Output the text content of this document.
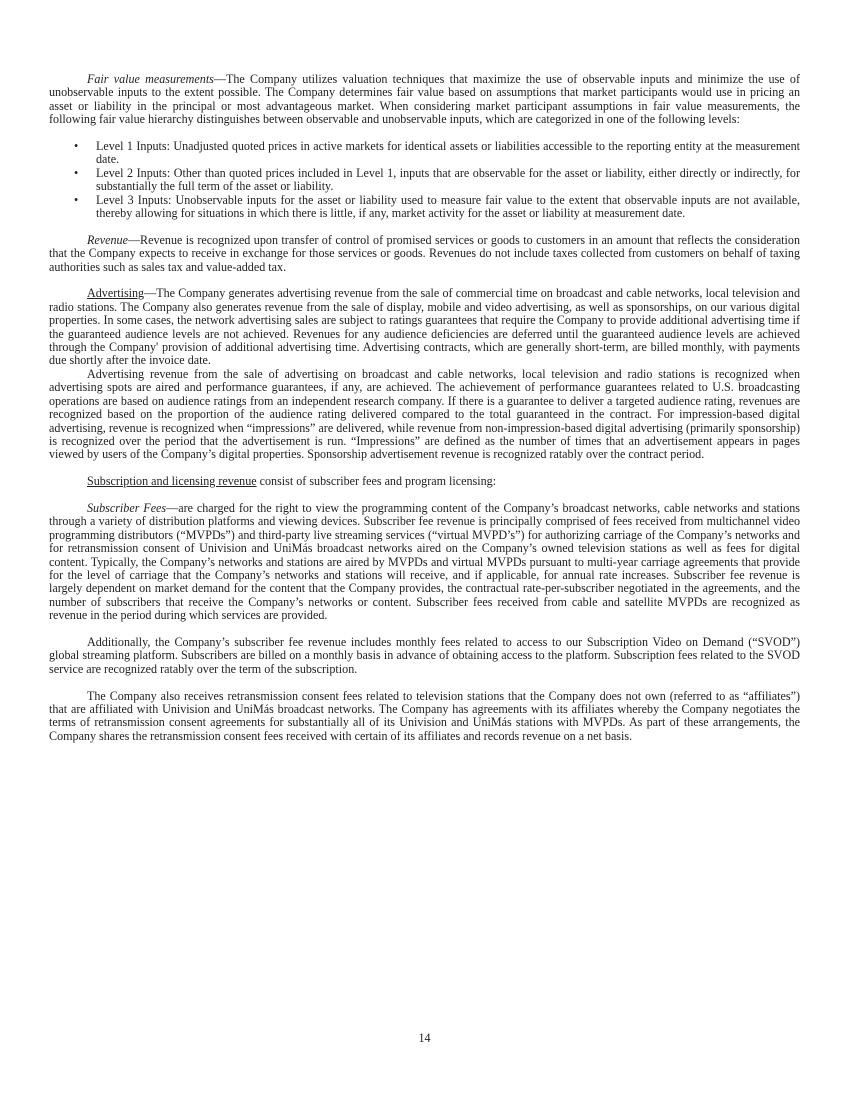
Fair value measurements—The Company utilizes valuation techniques that maximize the use of observable inputs and minimize the use of unobservable inputs to the extent possible. The Company determines fair value based on assumptions that market participants would use in pricing an asset or liability in the principal or most advantageous market. When considering market participant assumptions in fair value measurements, the following fair value hierarchy distinguishes between observable and unobservable inputs, which are categorized in one of the following levels:

• Level 1 Inputs: Unadjusted quoted prices in active markets for identical assets or liabilities accessible to the reporting entity at the measurement date.
• Level 2 Inputs: Other than quoted prices included in Level 1, inputs that are observable for the asset or liability, either directly or indirectly, for substantially the full term of the asset or liability.
• Level 3 Inputs: Unobservable inputs for the asset or liability used to measure fair value to the extent that observable inputs are not available, thereby allowing for situations in which there is little, if any, market activity for the asset or liability at measurement date.

Revenue—Revenue is recognized upon transfer of control of promised services or goods to customers in an amount that reflects the consideration that the Company expects to receive in exchange for those services or goods. Revenues do not include taxes collected from customers on behalf of taxing authorities such as sales tax and value-added tax.

Advertising—The Company generates advertising revenue from the sale of commercial time on broadcast and cable networks, local television and radio stations. The Company also generates revenue from the sale of display, mobile and video advertising, as well as sponsorships, on our various digital properties. In some cases, the network advertising sales are subject to ratings guarantees that require the Company to provide additional advertising time if the guaranteed audience levels are not achieved. Revenues for any audience deficiencies are deferred until the guaranteed audience levels are achieved through the Company' provision of additional advertising time. Advertising contracts, which are generally short-term, are billed monthly, with payments due shortly after the invoice date.

Advertising revenue from the sale of advertising on broadcast and cable networks, local television and radio stations is recognized when advertising spots are aired and performance guarantees, if any, are achieved. The achievement of performance guarantees related to U.S. broadcasting operations are based on audience ratings from an independent research company. If there is a guarantee to deliver a targeted audience rating, revenues are recognized based on the proportion of the audience rating delivered compared to the total guaranteed in the contract. For impression-based digital advertising, revenue is recognized when “impressions” are delivered, while revenue from non-impression-based digital advertising (primarily sponsorship) is recognized over the period that the advertisement is run. “Impressions” are defined as the number of times that an advertisement appears in pages viewed by users of the Company’s digital properties. Sponsorship advertisement revenue is recognized ratably over the contract period.

Subscription and licensing revenue consist of subscriber fees and program licensing:

Subscriber Fees—are charged for the right to view the programming content of the Company’s broadcast networks, cable networks and stations through a variety of distribution platforms and viewing devices. Subscriber fee revenue is principally comprised of fees received from multichannel video programming distributors (“MVPDs”) and third-party live streaming services (“virtual MVPD’s”) for authorizing carriage of the Company’s networks and for retransmission consent of Univision and UniMás broadcast networks aired on the Company’s owned television stations as well as fees for digital content. Typically, the Company’s networks and stations are aired by MVPDs and virtual MVPDs pursuant to multi-year carriage agreements that provide for the level of carriage that the Company’s networks and stations will receive, and if applicable, for annual rate increases. Subscriber fee revenue is largely dependent on market demand for the content that the Company provides, the contractual rate-per-subscriber negotiated in the agreements, and the number of subscribers that receive the Company’s networks or content. Subscriber fees received from cable and satellite MVPDs are recognized as revenue in the period during which services are provided.

Additionally, the Company’s subscriber fee revenue includes monthly fees related to access to our Subscription Video on Demand (“SVOD”) global streaming platform. Subscribers are billed on a monthly basis in advance of obtaining access to the platform. Subscription fees related to the SVOD service are recognized ratably over the term of the subscription.

The Company also receives retransmission consent fees related to television stations that the Company does not own (referred to as “affiliates”) that are affiliated with Univision and UniMás broadcast networks. The Company has agreements with its affiliates whereby the Company negotiates the terms of retransmission consent agreements for substantially all of its Univision and UniMás stations with MVPDs. As part of these arrangements, the Company shares the retransmission consent fees received with certain of its affiliates and records revenue on a net basis.

14
